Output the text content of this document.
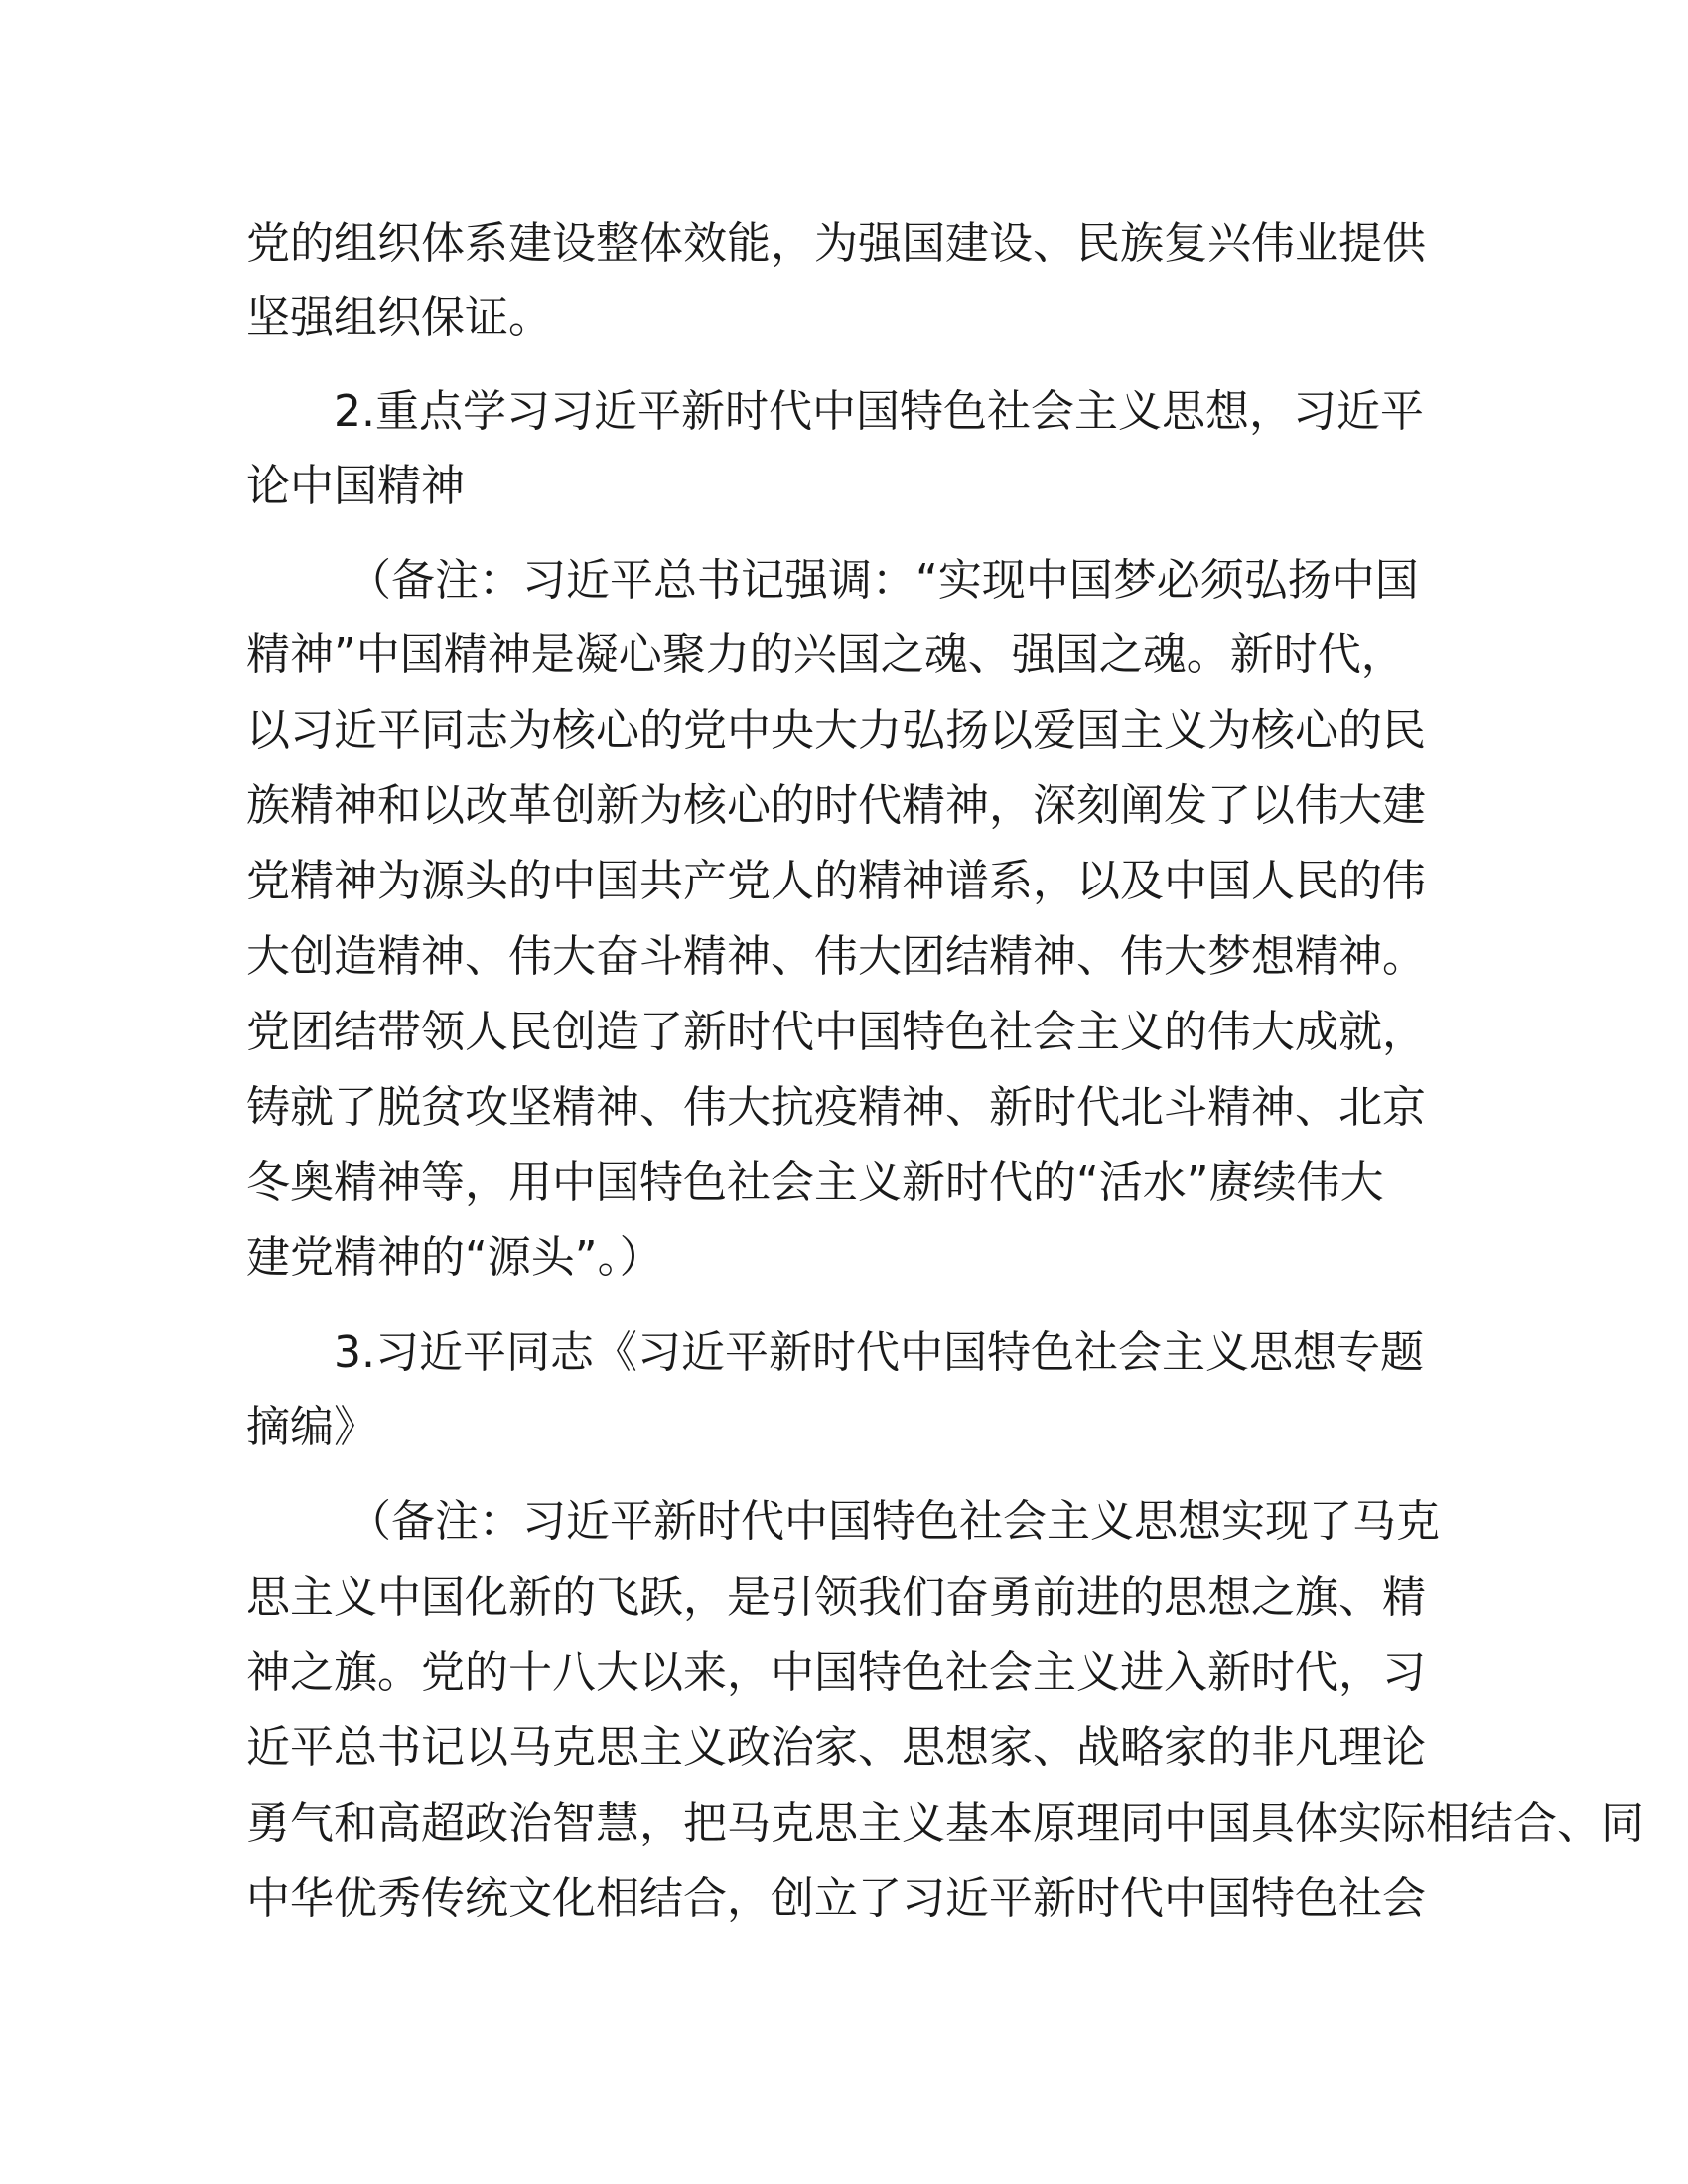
党的组织体系建设整体效能，为强国建设、民族复兴伟业提供
坚强组织保证。
2.重点学习习近平新时代中国特色社会主义思想，习近平
论中国精神
（备注：习近平总书记强调：“实现中国梦必须弘扬中国
精神”中国精神是凝心聚力的兴国之魂、强国之魂。新时代，
以习近平同志为核心的党中央大力弘扬以爱国主义为核心的民
族精神和以改革创新为核心的时代精神，深刻阐发了以伟大建
党精神为源头的中国共产党人的精神谱系，以及中国人民的伟
大创造精神、伟大奋斗精神、伟大团结精神、伟大梦想精神。
党团结带领人民创造了新时代中国特色社会主义的伟大成就，
铸就了脱贫攻坚精神、伟大抗疫精神、新时代北斗精神、北京
冬奥精神等，用中国特色社会主义新时代的“活水”赓续伟大
建党精神的“源头”。）
3.习近平同志《习近平新时代中国特色社会主义思想专题
摘编》
（备注：习近平新时代中国特色社会主义思想实现了马克
思主义中国化新的飞跃，是引领我们奋勇前进的思想之旗、精
神之旗。党的十八大以来，中国特色社会主义进入新时代，习
近平总书记以马克思主义政治家、思想家、战略家的非凡理论
勇气和高超政治智慧，把马克思主义基本原理同中国具体实际相结合、同
中华优秀传统文化相结合，创立了习近平新时代中国特色社会
